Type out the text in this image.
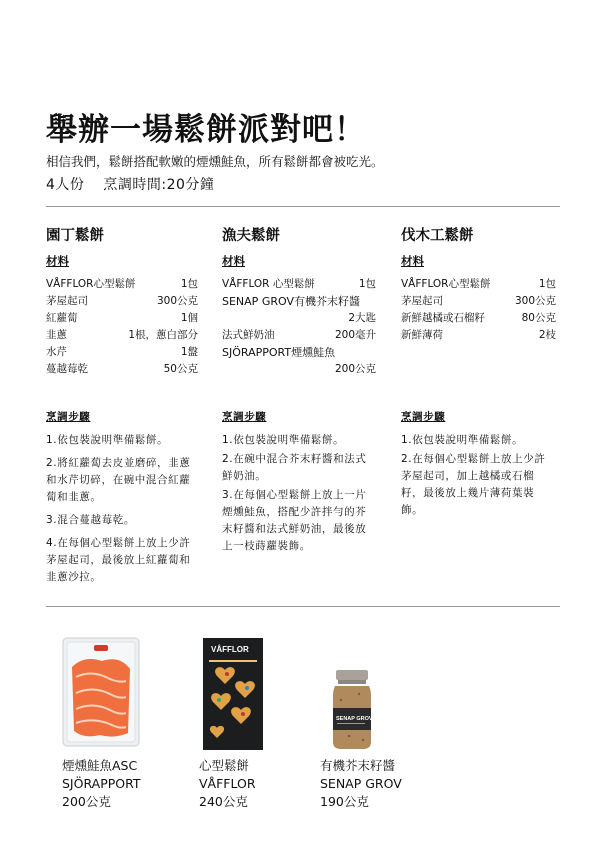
舉辦一場鬆餅派對吧！

相信我們，鬆餅搭配軟嫩的煙燻鮭魚，所有鬆餅都會被吃光。

4人份 烹調時間:20分鐘
園丁鬆餅

材料

VÅFFLOR心型鬆餅	1包
茅屋起司	300公克
紅蘿蔔	1個
韭蔥	1根，蔥白部分
水芹	1盤
蔓越莓乾	50公克
漁夫鬆餅

材料

VÅFFLOR 心型鬆餅	1包
SENAP GROV有機芥末籽醬
2大匙
法式鮮奶油	200毫升
SJÖRAPPORT煙燻鮭魚
200公克
伐木工鬆餅

材料

VÅFFLOR心型鬆餅	1包
茅屋起司	300公克
新鮮越橘或石榴籽	80公克
新鮮薄荷	2枝

烹調步驟

1.依包裝說明準備鬆餅。

2.將紅蘿蔔去皮並磨碎，韭蔥和水芹切碎，在碗中混合紅蘿蔔和韭蔥。

3.混合蔓越莓乾。

4.在每個心型鬆餅上放上少許茅屋起司，最後放上紅蘿蔔和韭蔥沙拉。

烹調步驟

1.依包裝說明準備鬆餅。

2.在碗中混合芥末籽醬和法式鮮奶油。

3.在每個心型鬆餅上放上一片煙燻鮭魚，搭配少許拌勻的芥末籽醬和法式鮮奶油，最後放上一枝蒔蘿裝飾。

烹調步驟

1.依包裝說明準備鬆餅。

2.在每個心型鬆餅上放上少許茅屋起司，加上越橘或石榴籽，最後放上幾片薄荷葉裝飾。

VÅFFLOR
SENAP GROV

煙燻鮭魚ASC

SJÖRAPPORT

200公克

心型鬆餅

VÅFFLOR

240公克

有機芥末籽醬

SENAP GROV

190公克
